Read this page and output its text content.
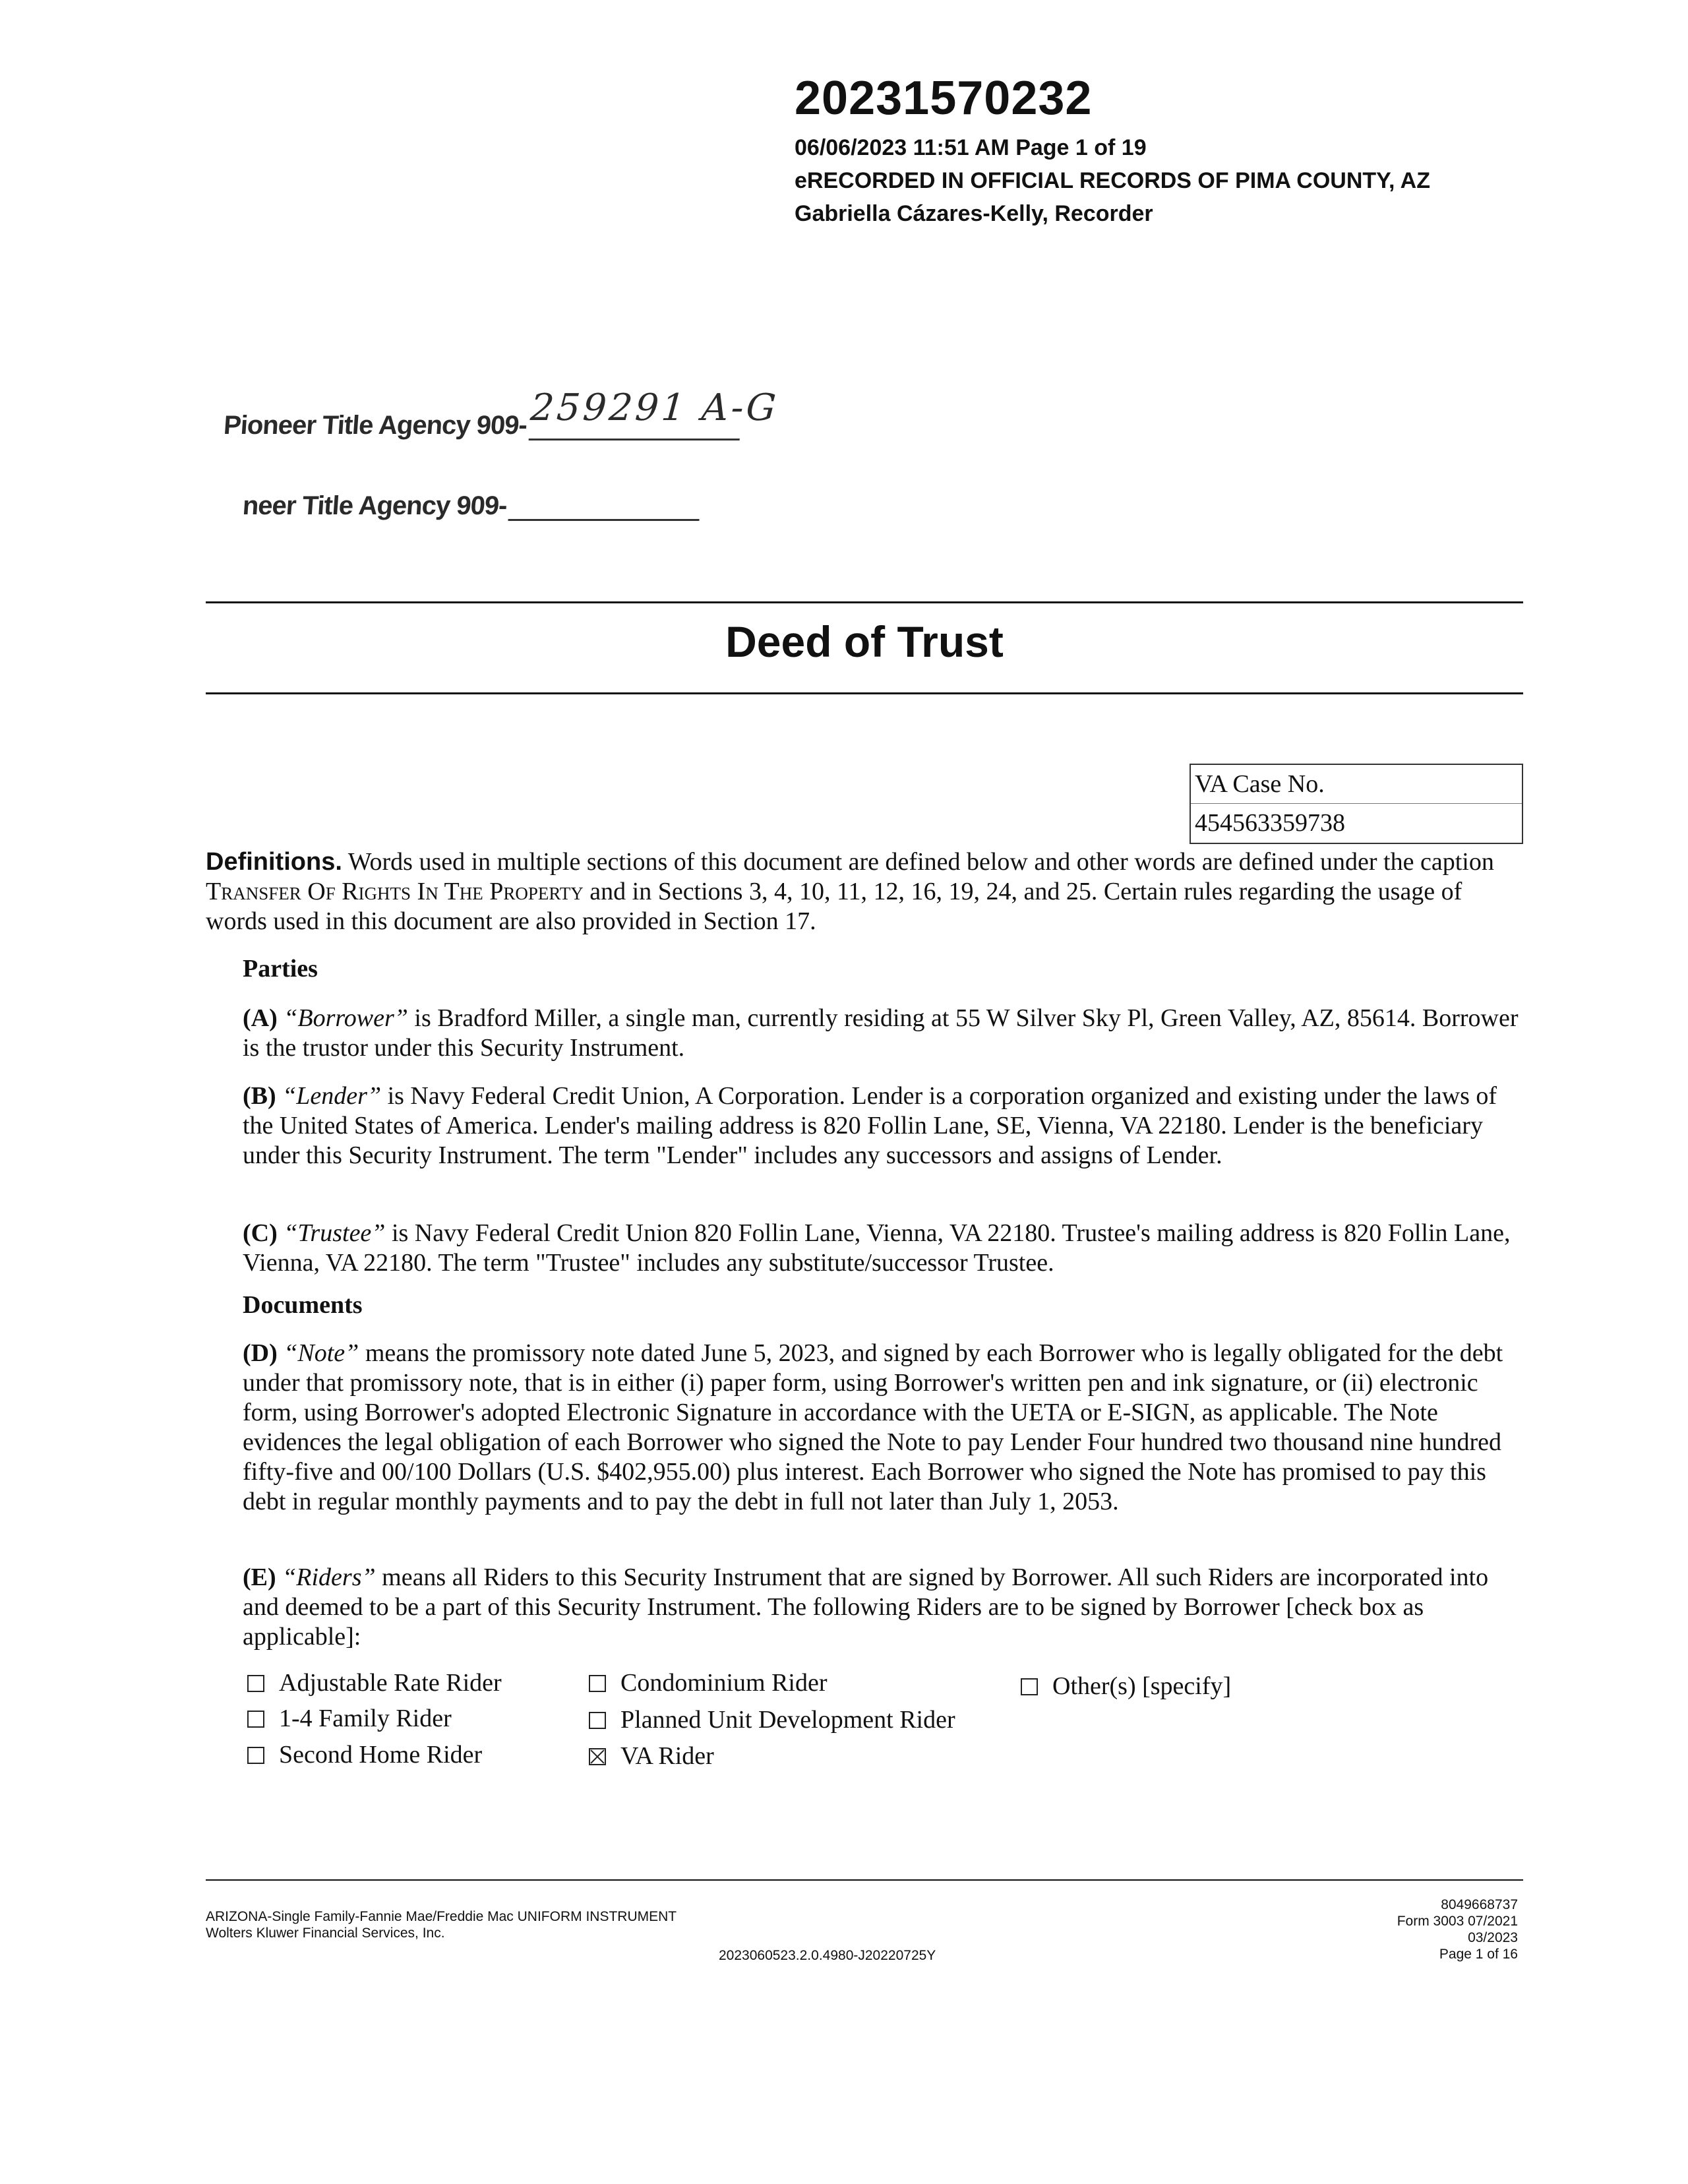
20231570232
06/06/2023 11:51 AM Page 1 of 19
eRECORDED IN OFFICIAL RECORDS OF PIMA COUNTY, AZ
Gabriella Cázares-Kelly, Recorder
Pioneer Title Agency 909-259291 A-G
neer Title Agency 909-
Deed of Trust
VA Case No.
454563359738
Definitions. Words used in multiple sections of this document are defined below and other words are defined under the caption Transfer Of Rights In The Property and in Sections 3, 4, 10, 11, 12, 16, 19, 24, and 25. Certain rules regarding the usage of words used in this document are also provided in Section 17.
Parties
(A) “Borrower” is Bradford Miller, a single man, currently residing at 55 W Silver Sky Pl, Green Valley, AZ, 85614. Borrower is the trustor under this Security Instrument.
(B) “Lender” is Navy Federal Credit Union, A Corporation. Lender is a corporation organized and existing under the laws of the United States of America. Lender's mailing address is 820 Follin Lane, SE, Vienna, VA 22180. Lender is the beneficiary under this Security Instrument. The term "Lender" includes any successors and assigns of Lender.
(C) “Trustee” is Navy Federal Credit Union 820 Follin Lane, Vienna, VA 22180. Trustee's mailing address is 820 Follin Lane, Vienna, VA 22180. The term "Trustee" includes any substitute/successor Trustee.
Documents
(D) “Note” means the promissory note dated June 5, 2023, and signed by each Borrower who is legally obligated for the debt under that promissory note, that is in either (i) paper form, using Borrower's written pen and ink signature, or (ii) electronic form, using Borrower's adopted Electronic Signature in accordance with the UETA or E-SIGN, as applicable. The Note evidences the legal obligation of each Borrower who signed the Note to pay Lender Four hundred two thousand nine hundred fifty-five and 00/100 Dollars (U.S. $402,955.00) plus interest. Each Borrower who signed the Note has promised to pay this debt in regular monthly payments and to pay the debt in full not later than July 1, 2053.
(E) “Riders” means all Riders to this Security Instrument that are signed by Borrower. All such Riders are incorporated into and deemed to be a part of this Security Instrument. The following Riders are to be signed by Borrower [check box as applicable]:
Adjustable Rate Rider	Condominium Rider	Other(s) [specify]
1-4 Family Rider	Planned Unit Development Rider
Second Home Rider	VA Rider
ARIZONA-Single Family-Fannie Mae/Freddie Mac UNIFORM INSTRUMENT
Wolters Kluwer Financial Services, Inc.
2023060523.2.0.4980-J20220725Y
8049668737
Form 3003 07/2021
03/2023
Page 1 of 16
